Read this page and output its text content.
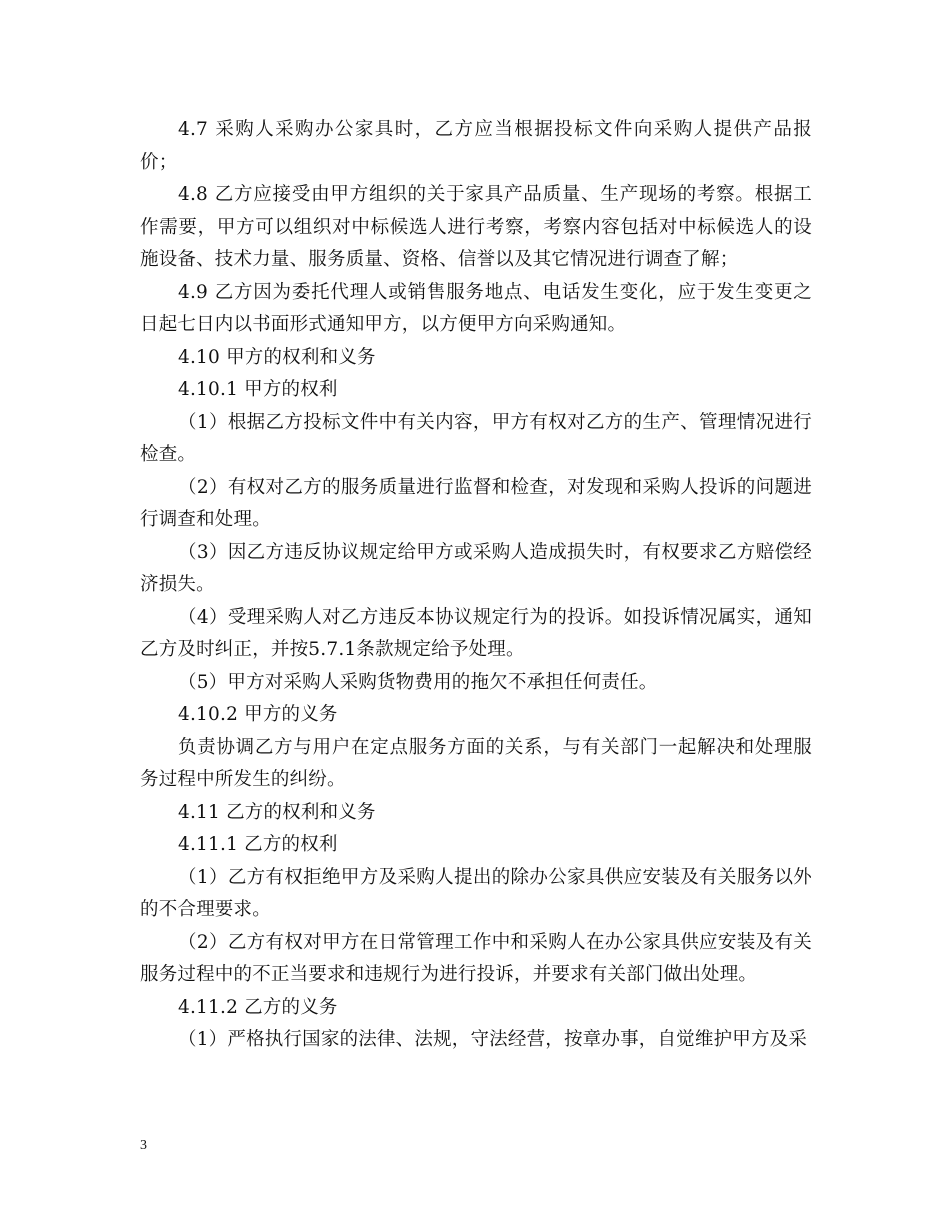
4.7 采购人采购办公家具时，乙方应当根据投标文件向采购人提供产品报价；

4.8 乙方应接受由甲方组织的关于家具产品质量、生产现场的考察。根据工作需要，甲方可以组织对中标候选人进行考察，考察内容包括对中标候选人的设施设备、技术力量、服务质量、资格、信誉以及其它情况进行调查了解；

4.9 乙方因为委托代理人或销售服务地点、电话发生变化，应于发生变更之日起七日内以书面形式通知甲方，以方便甲方向采购通知。

4.10 甲方的权利和义务

4.10.1 甲方的权利

（1）根据乙方投标文件中有关内容，甲方有权对乙方的生产、管理情况进行检查。

（2）有权对乙方的服务质量进行监督和检查，对发现和采购人投诉的问题进行调查和处理。

（3）因乙方违反协议规定给甲方或采购人造成损失时，有权要求乙方赔偿经济损失。

（4）受理采购人对乙方违反本协议规定行为的投诉。如投诉情况属实，通知乙方及时纠正，并按5.7.1条款规定给予处理。

（5）甲方对采购人采购货物费用的拖欠不承担任何责任。

4.10.2 甲方的义务

负责协调乙方与用户在定点服务方面的关系，与有关部门一起解决和处理服务过程中所发生的纠纷。

4.11 乙方的权利和义务

4.11.1 乙方的权利

（1）乙方有权拒绝甲方及采购人提出的除办公家具供应安装及有关服务以外的不合理要求。

（2）乙方有权对甲方在日常管理工作中和采购人在办公家具供应安装及有关服务过程中的不正当要求和违规行为进行投诉，并要求有关部门做出处理。

4.11.2 乙方的义务

（1）严格执行国家的法律、法规，守法经营，按章办事，自觉维护甲方及采

3
